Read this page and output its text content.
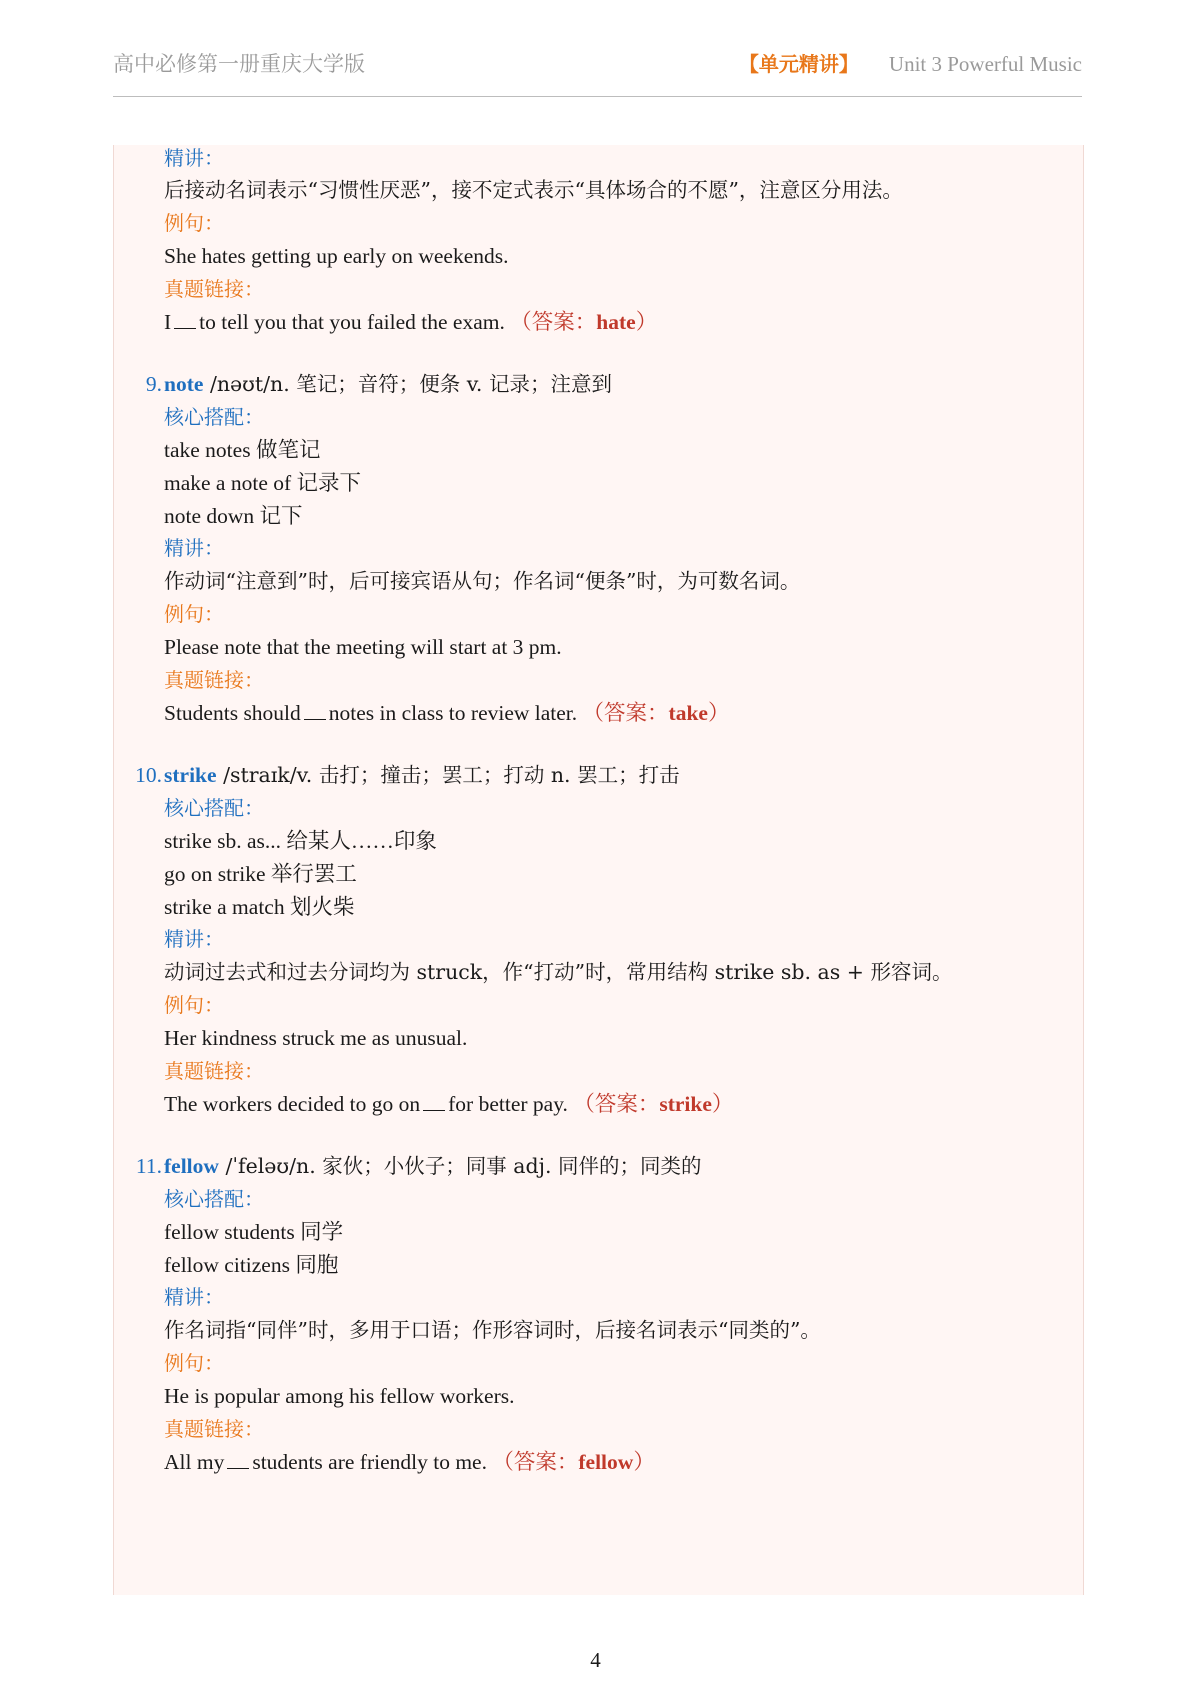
高中必修第一册重庆大学版	【单元精讲】 Unit 3 Powerful Music
精讲：
后接动名词表示“习惯性厌恶”，接不定式表示“具体场合的不愿”，注意区分用法。
例句：
She hates getting up early on weekends.
真题链接：
I to tell you that you failed the exam. （答案：hate）
9.note /nəʊt/n. 笔记；音符；便条 v. 记录；注意到
核心搭配：
take notes 做笔记
make a note of 记录下
note down 记下
精讲：
作动词“注意到”时，后可接宾语从句；作名词“便条”时，为可数名词。
例句：
Please note that the meeting will start at 3 pm.
真题链接：
Students should notes in class to review later. （答案：take）
10.strike /straɪk/v. 击打；撞击；罢工；打动 n. 罢工；打击
核心搭配：
strike sb. as... 给某人……印象
go on strike 举行罢工
strike a match 划火柴
精讲：
动词过去式和过去分词均为 struck，作“打动”时，常用结构 strike sb. as + 形容词。
例句：
Her kindness struck me as unusual.
真题链接：
The workers decided to go on for better pay. （答案：strike）
11.fellow /ˈfeləʊ/n. 家伙；小伙子；同事 adj. 同伴的；同类的
核心搭配：
fellow students 同学
fellow citizens 同胞
精讲：
作名词指“同伴”时，多用于口语；作形容词时，后接名词表示“同类的”。
例句：
He is popular among his fellow workers.
真题链接：
All my students are friendly to me. （答案：fellow）
4
